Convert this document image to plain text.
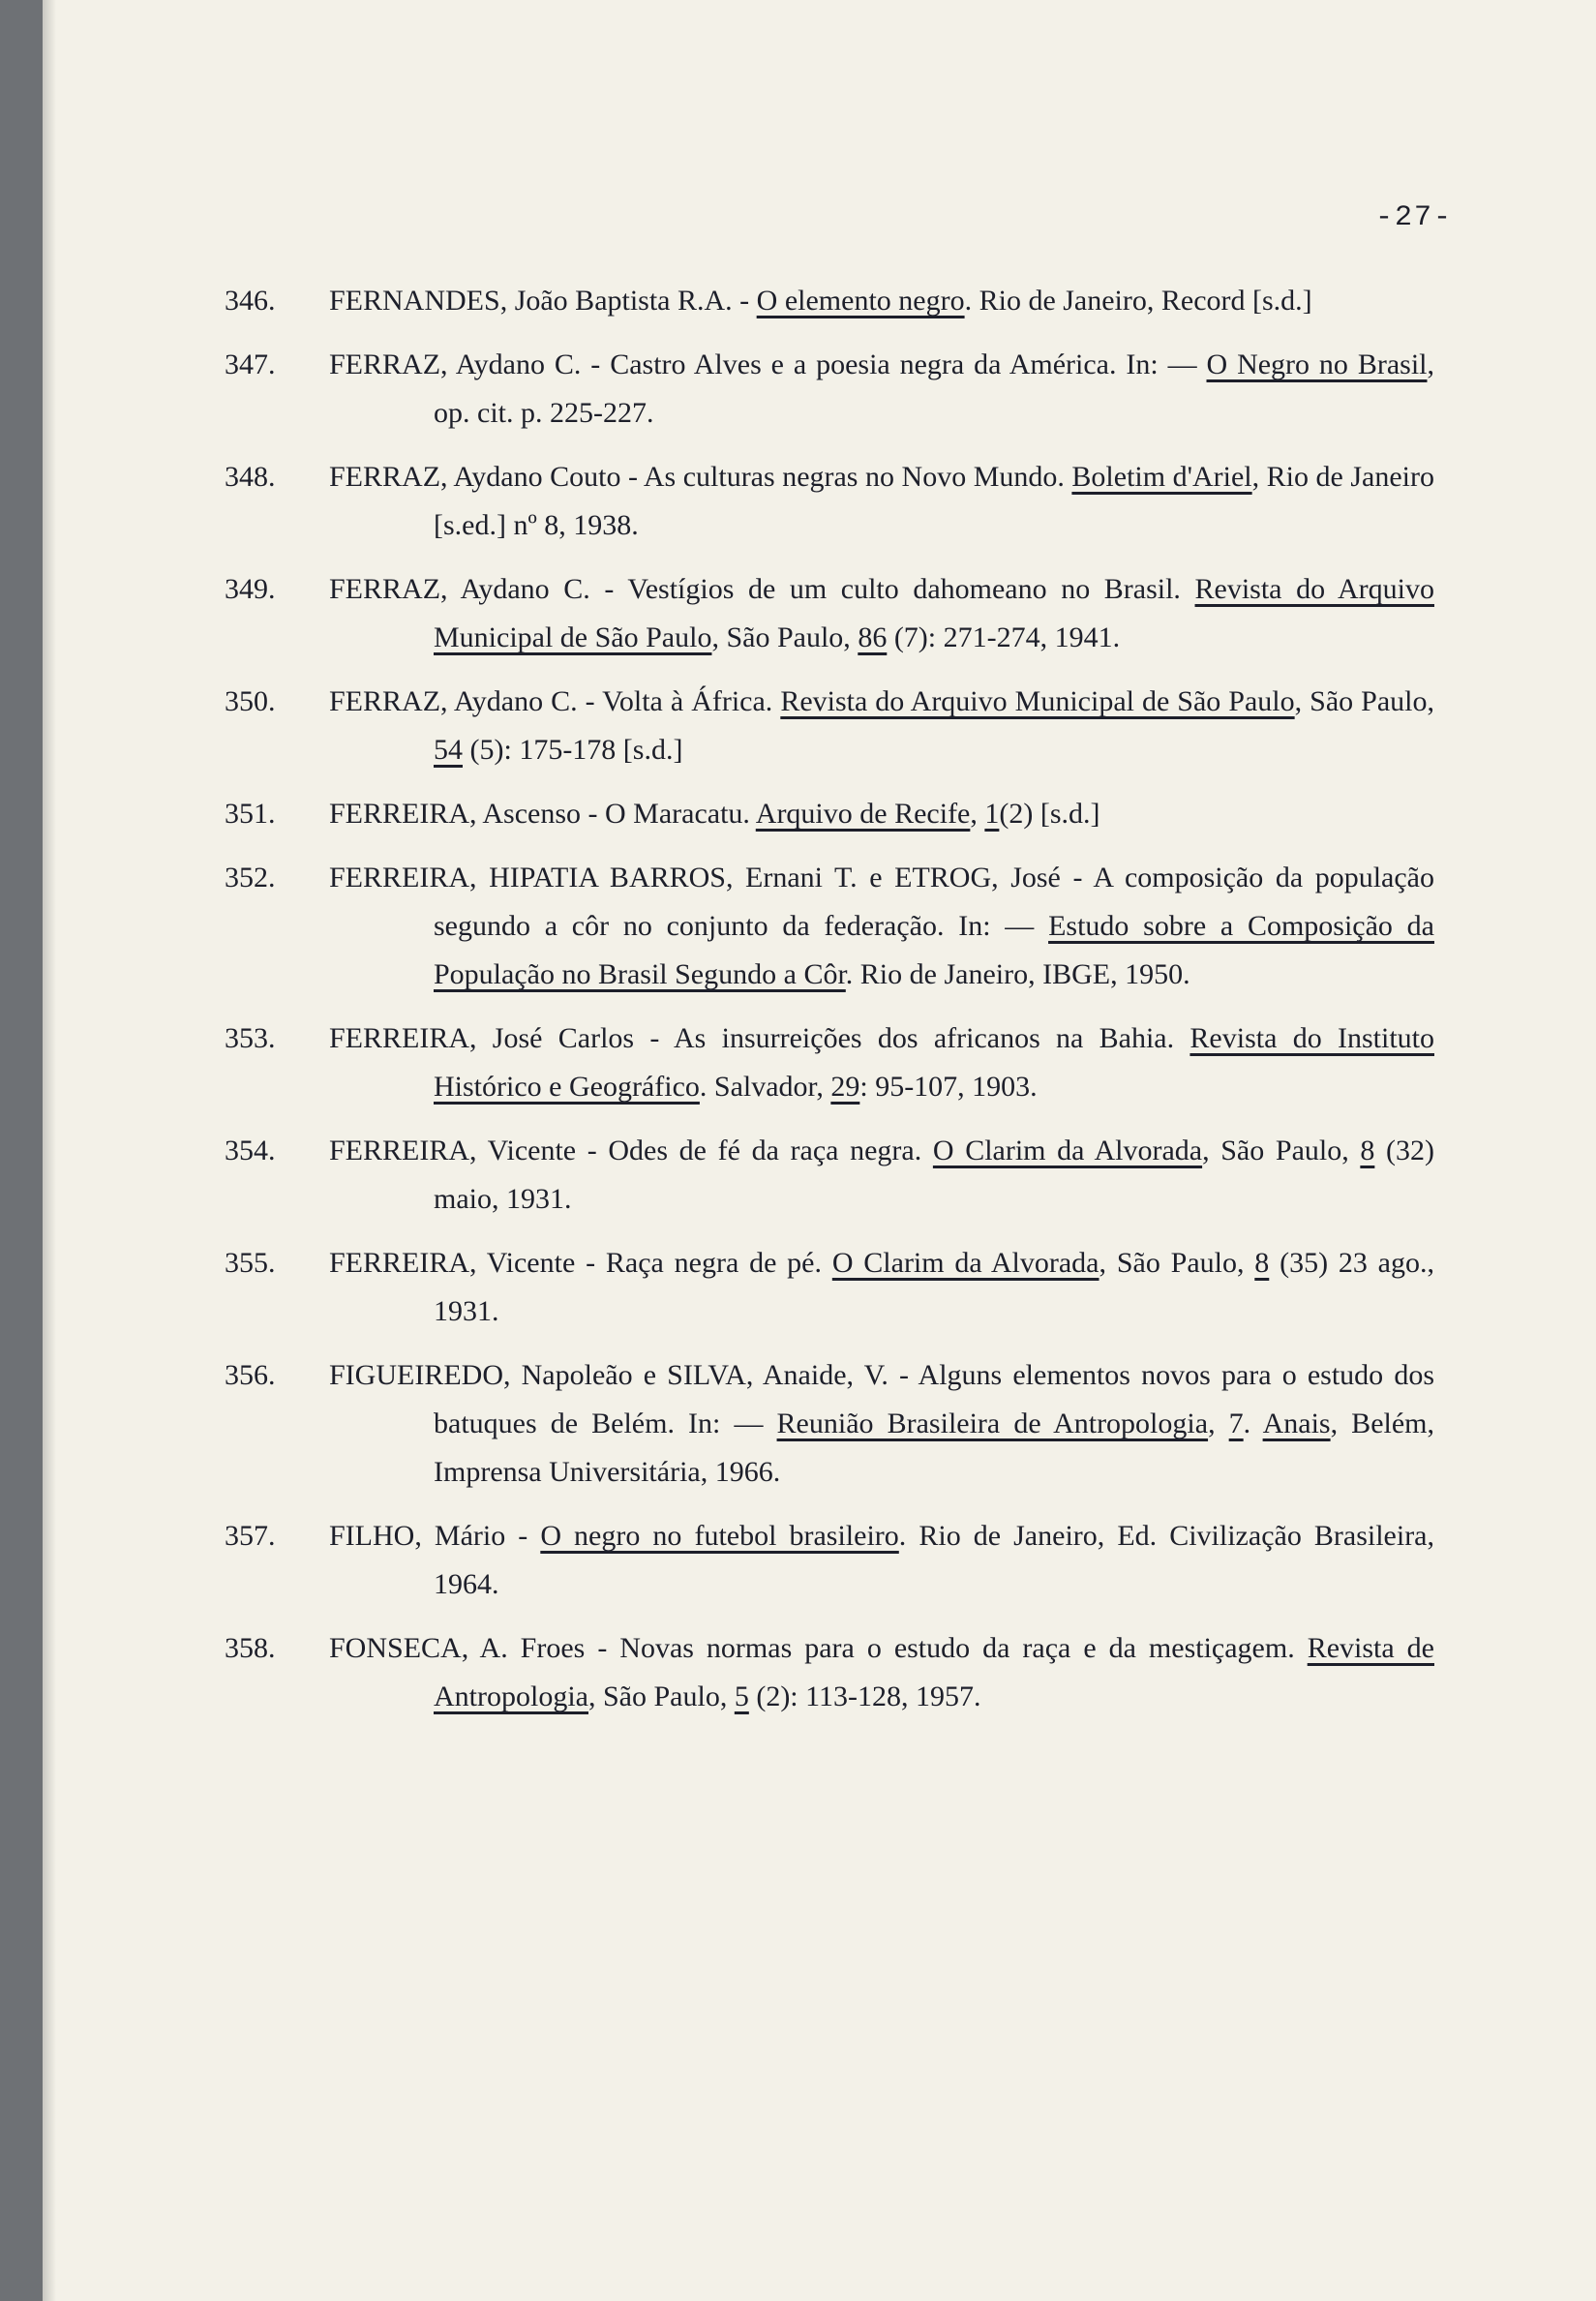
-27-
346.	FERNANDES, João Baptista R.A. - O elemento negro. Rio de Janeiro, Record [s.d.]
347.	FERRAZ, Aydano C. - Castro Alves e a poesia negra da América. In: — O Negro no Brasil, op. cit. p. 225-227.
348.	FERRAZ, Aydano Couto - As culturas negras no Novo Mundo. Boletim d'Ariel, Rio de Janeiro [s.ed.] nº 8, 1938.
349.	FERRAZ, Aydano C. - Vestígios de um culto dahomeano no Brasil. Revista do Arquivo Municipal de São Paulo, São Paulo, 86 (7): 271-274, 1941.
350.	FERRAZ, Aydano C. - Volta à África. Revista do Arquivo Municipal de São Paulo, São Paulo, 54 (5): 175-178 [s.d.]
351.	FERREIRA, Ascenso - O Maracatu. Arquivo de Recife, 1(2) [s.d.]
352.	FERREIRA, HIPATIA BARROS, Ernani T. e ETROG, José - A composição da população segundo a côr no conjunto da federação. In: — Estudo sobre a Composição da População no Brasil Segundo a Côr. Rio de Janeiro, IBGE, 1950.
353.	FERREIRA, José Carlos - As insurreições dos africanos na Bahia. Revista do Instituto Histórico e Geográfico. Salvador, 29: 95-107, 1903.
354.	FERREIRA, Vicente - Odes de fé da raça negra. O Clarim da Alvorada, São Paulo, 8 (32) maio, 1931.
355.	FERREIRA, Vicente - Raça negra de pé. O Clarim da Alvorada, São Paulo, 8 (35) 23 ago., 1931.
356.	FIGUEIREDO, Napoleão e SILVA, Anaide, V. - Alguns elementos novos para o estudo dos batuques de Belém. In: — Reunião Brasileira de Antropologia, 7. Anais, Belém, Imprensa Universitária, 1966.
357.	FILHO, Mário - O negro no futebol brasileiro. Rio de Janeiro, Ed. Civilização Brasileira, 1964.
358.	FONSECA, A. Froes - Novas normas para o estudo da raça e da mestiçagem. Revista de Antropologia, São Paulo, 5 (2): 113-128, 1957.
